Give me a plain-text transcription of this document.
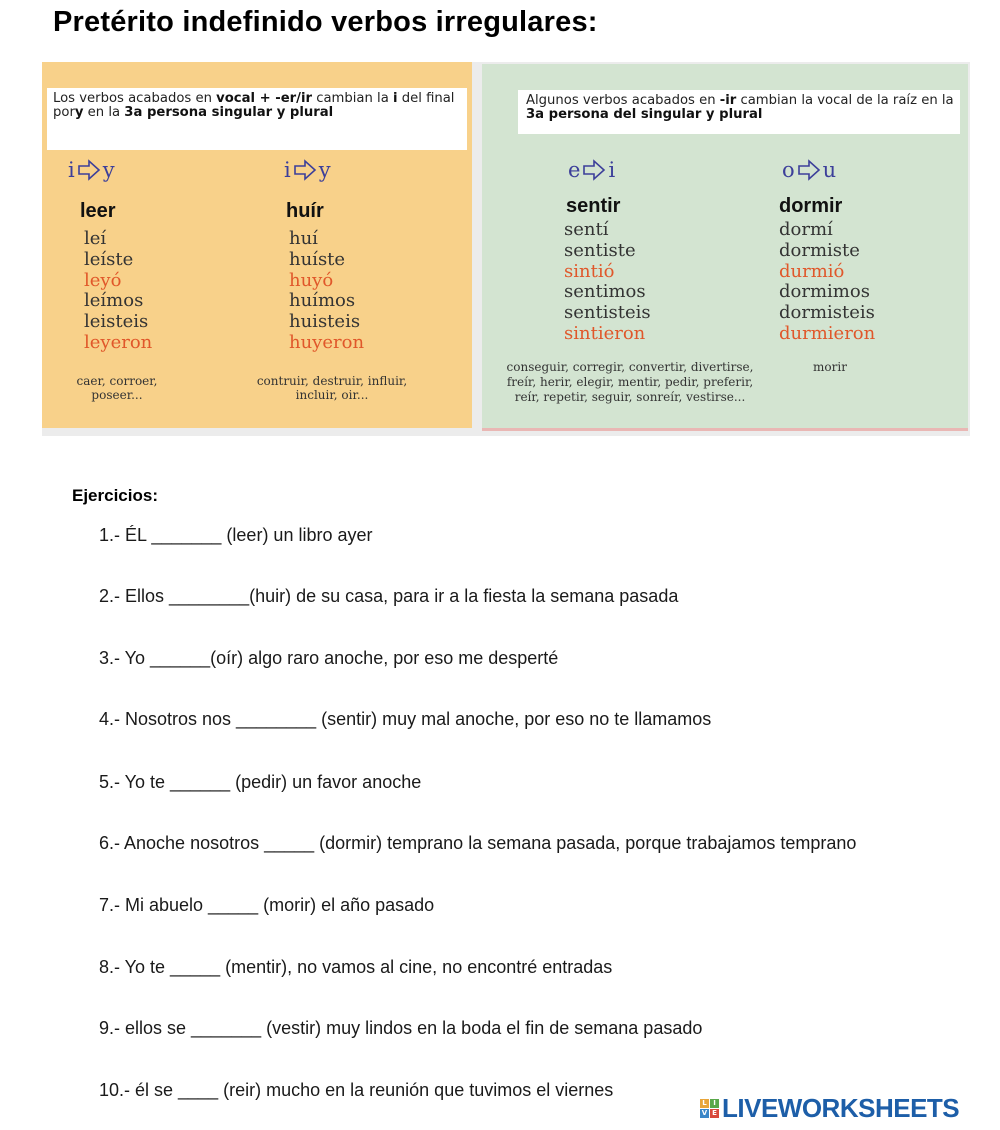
Pretérito indefinido verbos irregulares:
Los verbos acabados en vocal + -er/ir cambian la i del final pory en la 3a persona singular y plural
Algunos verbos acabados en -ir cambian la vocal de la raíz en la 3a persona del singular y plural
i y
leer
leí
leíste
leyó
leímos
leisteis
leyeron
caer, corroer, poseer...
i y
huír
huí
huíste
huyó
huímos
huisteis
huyeron
contruir, destruir, influir, incluir, oir...
e i
sentir
sentí
sentiste
sintió
sentimos
sentisteis
sintieron
conseguir, corregir, convertir, divertirse, freír, herir, elegir, mentir, pedir, preferir, reír, repetir, seguir, sonreír, vestirse...
o u
dormir
dormí
dormiste
durmió
dormimos
dormisteis
durmieron
morir
Ejercicios:
1.- ÉL _______ (leer) un libro ayer
2.- Ellos ________(huir) de su casa, para ir a la fiesta la semana pasada
3.- Yo ______(oír) algo raro anoche, por eso me desperté
4.- Nosotros nos ________ (sentir) muy mal anoche, por eso no te llamamos
5.- Yo te ______ (pedir) un favor anoche
6.- Anoche nosotros _____ (dormir) temprano la semana pasada, porque trabajamos temprano
7.- Mi abuelo _____ (morir) el año pasado
8.- Yo te _____ (mentir), no vamos al cine, no encontré entradas
9.- ellos se _______ (vestir) muy lindos en la boda el fin de semana pasado
10.- él se ____ (reir) mucho en la reunión que tuvimos el viernes
L I
V E LIVEWORKSHEETS
